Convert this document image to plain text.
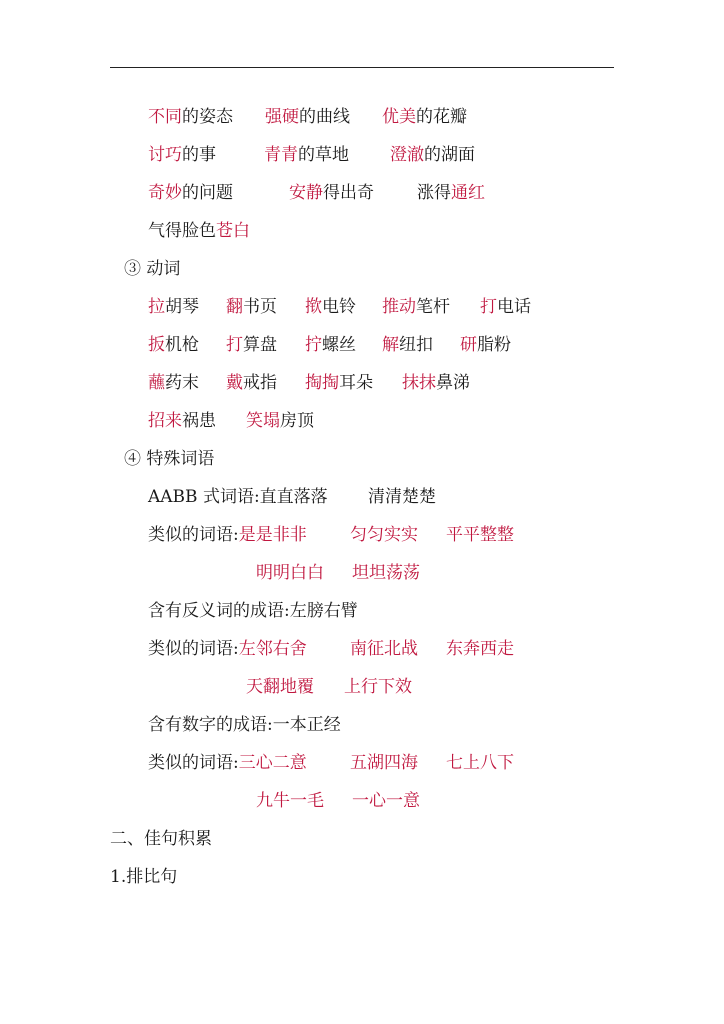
不同的姿态 强硬的曲线 优美的花瓣
讨巧的事	青青的草地 澄澈的湖面
奇妙的问题	安静得出奇	涨得通红
气得脸色苍白
③ 动词
拉胡琴 翻书页 揿电铃 推动笔杆 打电话
扳机枪 打算盘 拧螺丝 解纽扣 研脂粉
蘸药末 戴戒指 掏掏耳朵 抹抹鼻涕
招来祸患 笑塌房顶
④ 特殊词语
AABB 式词语:直直落落 清清楚楚
类似的词语:是是非非	匀匀实实 平平整整
明明白白 坦坦荡荡
含有反义词的成语:左膀右臂
类似的词语:左邻右舍	南征北战 东奔西走
天翻地覆 上行下效
含有数字的成语:一本正经
类似的词语:三心二意	五湖四海 七上八下
九牛一毛 一心一意
二、佳句积累
1.排比句
